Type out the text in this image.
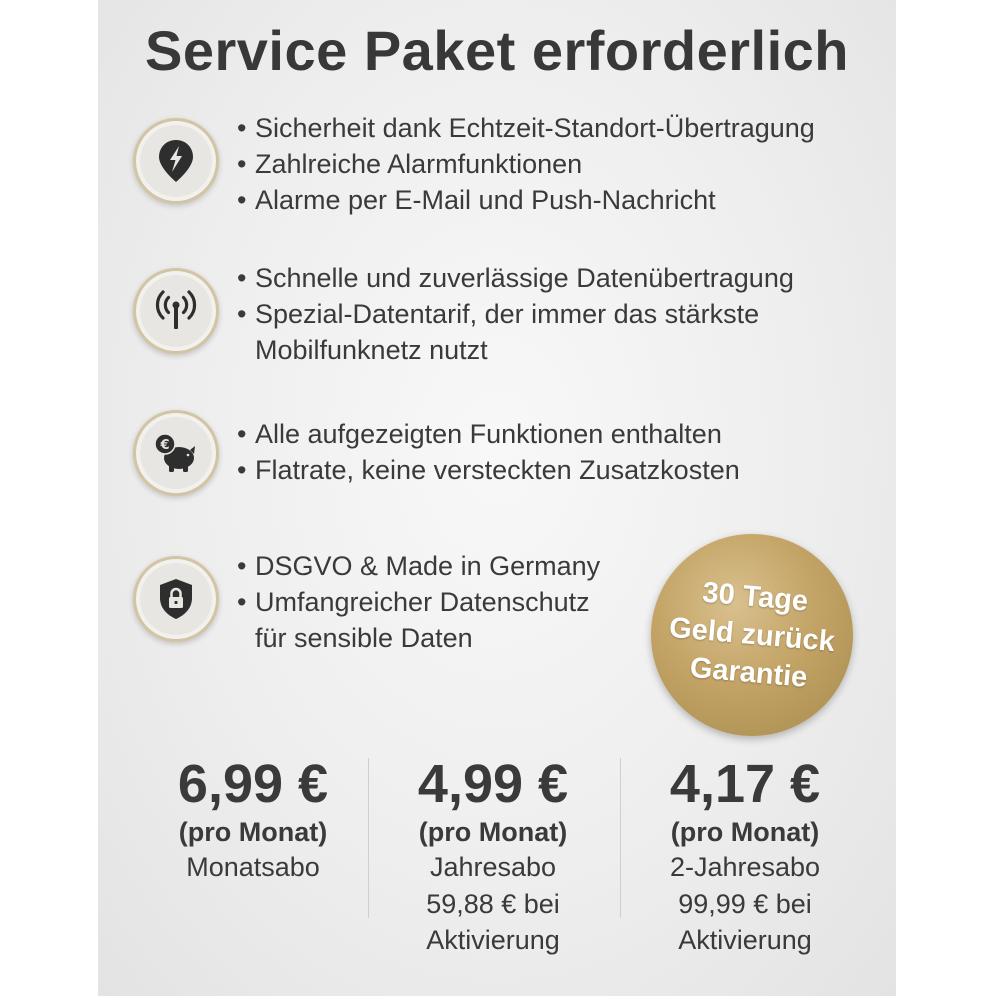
Service Paket erforderlich
• Sicherheit dank Echtzeit-Standort-Übertragung
• Zahlreiche Alarmfunktionen
• Alarme per E-Mail und Push-Nachricht
• Schnelle und zuverlässige Datenübertragung
• Spezial-Datentarif, der immer das stärkste
Mobilfunknetz nutzt
€
•	Alle aufgezeigten Funktionen enthalten
• Flatrate, keine versteckten Zusatzkosten
• DSGVO & Made in Germany
• Umfangreicher Datenschutz
für sensible Daten
30 Tage
Geld zurück
Garantie
6,99 €
(pro Monat)
Monatsabo
4,99 €
(pro Monat)
Jahresabo
59,88 € bei
Aktivierung
4,17 €
(pro Monat)
2-Jahresabo
99,99 € bei
Aktivierung
